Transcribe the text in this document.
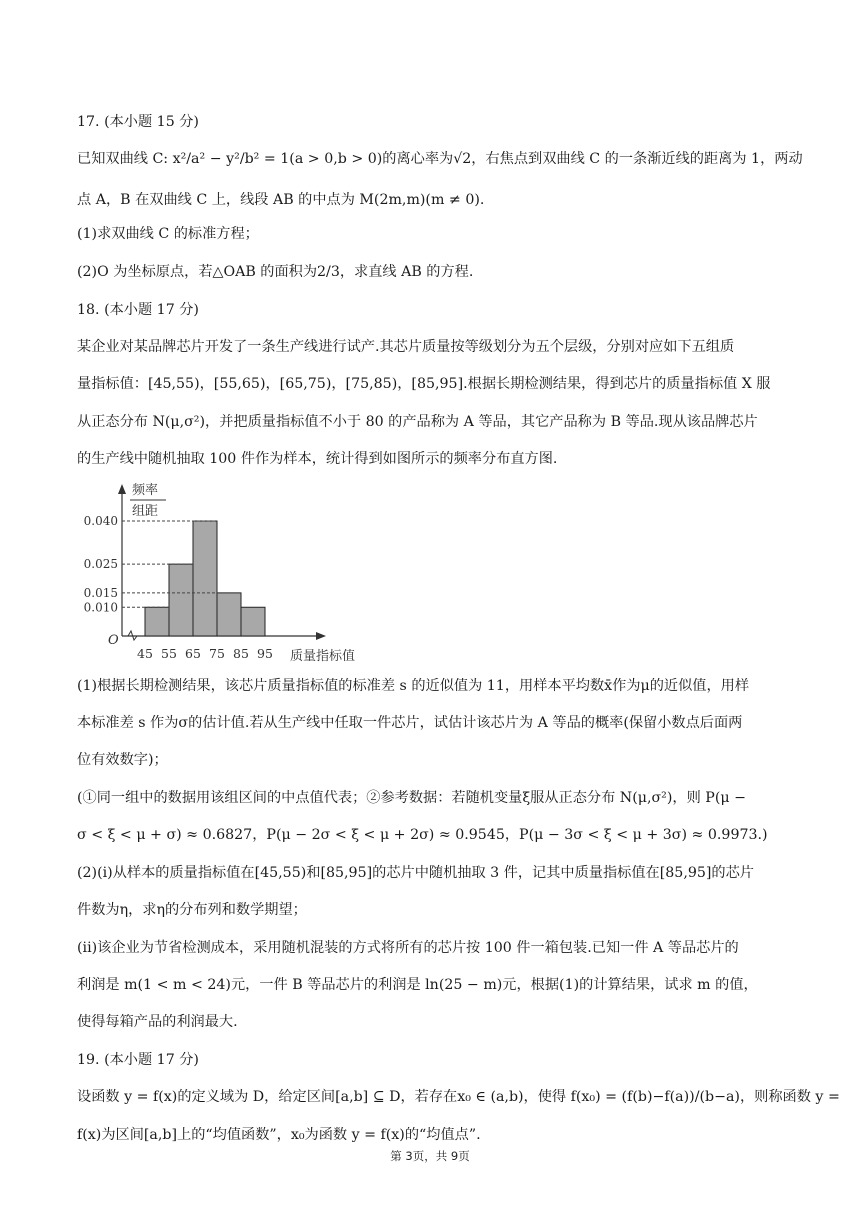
17. (本小题 15 分)
已知双曲线 C: x²/a² − y²/b² = 1(a > 0,b > 0)的离心率为√2，右焦点到双曲线 C 的一条渐近线的距离为 1，两动
点 A，B 在双曲线 C 上，线段 AB 的中点为 M(2m,m)(m ≠ 0).
(1)求双曲线 C 的标准方程；
(2)O 为坐标原点，若△OAB 的面积为2/3，求直线 AB 的方程.
18. (本小题 17 分)
某企业对某品牌芯片开发了一条生产线进行试产.其芯片质量按等级划分为五个层级，分别对应如下五组质
量指标值：[45,55)，[55,65)，[65,75)，[75,85)，[85,95].根据长期检测结果，得到芯片的质量指标值 X 服
从正态分布 N(μ,σ²)，并把质量指标值不小于 80 的产品称为 A 等品，其它产品称为 B 等品.现从该品牌芯片
的生产线中随机抽取 100 件作为样本，统计得到如图所示的频率分布直方图.
频率
组距
O
0.040
0.025
0.015
0.010
45 55 65 75 85 95 质量指标值
(1)根据长期检测结果，该芯片质量指标值的标准差 s 的近似值为 11，用样本平均数x̄作为μ的近似值，用样
本标准差 s 作为σ的估计值.若从生产线中任取一件芯片，试估计该芯片为 A 等品的概率(保留小数点后面两
位有效数字)；
(①同一组中的数据用该组区间的中点值代表；②参考数据：若随机变量ξ服从正态分布 N(μ,σ²)，则 P(μ −
σ < ξ < μ + σ) ≈ 0.6827，P(μ − 2σ < ξ < μ + 2σ) ≈ 0.9545，P(μ − 3σ < ξ < μ + 3σ) ≈ 0.9973.)
(2)(i)从样本的质量指标值在[45,55)和[85,95]的芯片中随机抽取 3 件，记其中质量指标值在[85,95]的芯片
件数为η，求η的分布列和数学期望；
(ii)该企业为节省检测成本，采用随机混装的方式将所有的芯片按 100 件一箱包装.已知一件 A 等品芯片的
利润是 m(1 < m < 24)元，一件 B 等品芯片的利润是 ln(25 − m)元，根据(1)的计算结果，试求 m 的值，
使得每箱产品的利润最大.
19. (本小题 17 分)
设函数 y = f(x)的定义域为 D，给定区间[a,b] ⊆ D，若存在x₀ ∈ (a,b)，使得 f(x₀) = (f(b)−f(a))/(b−a)，则称函数 y =
f(x)为区间[a,b]上的“均值函数”，x₀为函数 y = f(x)的“均值点”.
第 3页，共 9页
